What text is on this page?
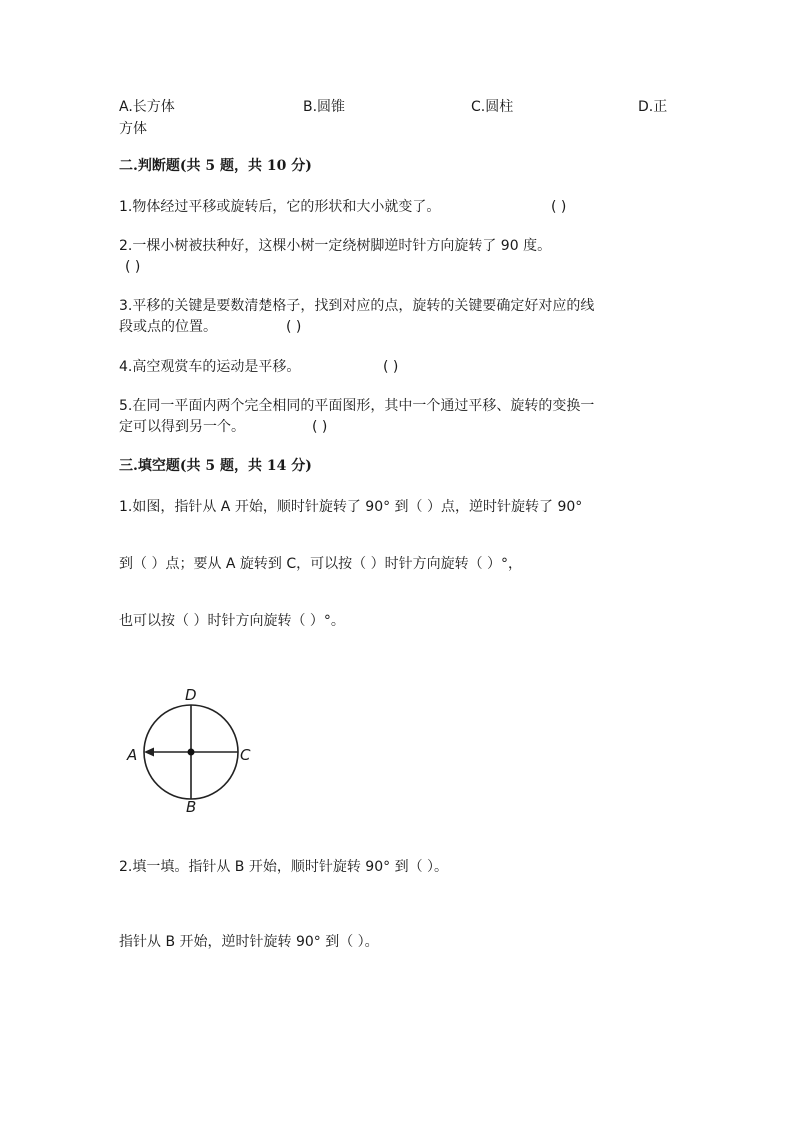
A.长方体	B.圆锥	C.圆柱	D.正
方体
二.判断题(共 5 题，共 10 分)
1.物体经过平移或旋转后，它的形状和大小就变了。	( )
2.一棵小树被扶种好，这棵小树一定绕树脚逆时针方向旋转了 90 度。
( )
3.平移的关键是要数清楚格子，找到对应的点，旋转的关键要确定好对应的线
段或点的位置。	( )
4.高空观赏车的运动是平移。	( )
5.在同一平面内两个完全相同的平面图形，其中一个通过平移、旋转的变换一
定可以得到另一个。	( )
三.填空题(共 5 题，共 14 分)
1.如图，指针从 A 开始，顺时针旋转了 90° 到（ ）点，逆时针旋转了 90°
到（ ）点；要从 A 旋转到 C，可以按（ ）时针方向旋转（ ）°，
也可以按（ ）时针方向旋转（ ）°。
D
A	C
B
2.填一填。指针从 B 开始，顺时针旋转 90° 到（ ）。
指针从 B 开始，逆时针旋转 90° 到（ ）。
